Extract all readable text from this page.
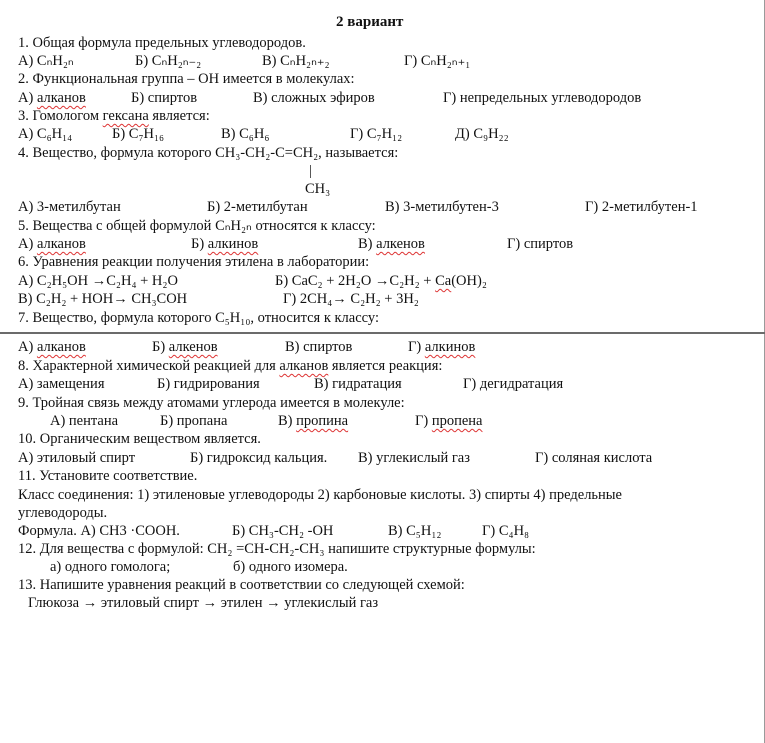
2 вариант
1. Общая формула предельных углеводородов.
А) CₙH₂ₙ	Б) CₙH₂ₙ₋₂	В) CₙH₂ₙ₊₂	Г) CₙH₂ₙ₊₁
2. Функциональная группа – ОН имеется в молекулах:
А) алканов	Б) спиртов	В) сложных эфиров	Г) непредельных углеводородов
3. Гомологом гексана является:
А) C₆H₁₄	Б) C₇H₁₆	В) C₆H₆	Г) C₇H₁₂	Д) C₉H₂₂
4. Вещество, формула которого CH₃-CH₂-C=CH₂, называется:
|
CH₃
А) 3-метилбутан	Б) 2-метилбутан	В) 3-метилбутен-3	Г) 2-метилбутен-1
5. Вещества с общей формулой CₙH₂ₙ относятся к классу:
А) алканов	Б) алкинов	В) алкенов	Г) спиртов
6. Уравнения реакции получения этилена в лаборатории:
А) C₂H₅OH →C₂H₄ + H₂O	Б) CaC₂ + 2H₂O →C₂H₂ + Ca(OH)₂
В) C₂H₂ + HOH→ CH₃COH	Г) 2CH₄→ C₂H₂ + 3H₂
7. Вещество, формула которого C₅H₁₀, относится к классу:
А) алканов	Б) алкенов	В) спиртов	Г) алкинов
8. Характерной химической реакцией для алканов является реакция:
А) замещения	Б) гидрирования	В) гидратация	Г) дегидратация
9. Тройная связь между атомами углерода имеется в молекуле:
А) пентана	Б) пропана	В) пропина	Г) пропена
10. Органическим веществом является.
А) этиловый спирт	Б) гидроксид кальция. В) углекислый газ	Г) соляная кислота
11. Установите соответствие.
Класс соединения: 1) этиленовые углеводороды 2) карбоновые кислоты. 3) спирты 4) предельные
углеводороды.
Формула. А) CH3 ·COOH.	Б) CH₃-CH₂ -OH	В) C₅H₁₂	Г) C₄H₈
12. Для вещества с формулой: CH₂ =CH-CH₂-CH₃ напишите структурные формулы:
а) одного гомолога;	б) одного изомера.
13. Напишите уравнения реакций в соответствии со следующей схемой:
Глюкоза → этиловый спирт → этилен → углекислый газ
